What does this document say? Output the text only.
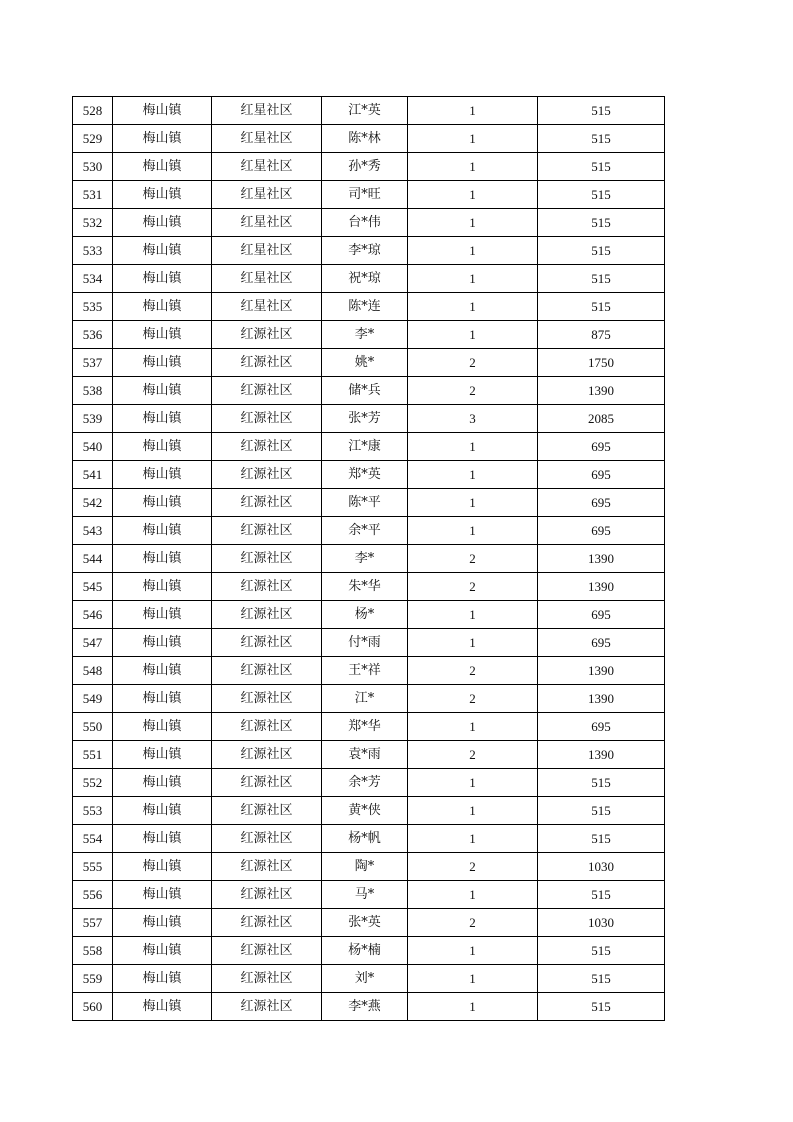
528	梅山镇	红星社区	江*英	1	515
529	梅山镇	红星社区	陈*林	1	515
530	梅山镇	红星社区	孙*秀	1	515
531	梅山镇	红星社区	司*旺	1	515
532	梅山镇	红星社区	台*伟	1	515
533	梅山镇	红星社区	李*琼	1	515
534	梅山镇	红星社区	祝*琼	1	515
535	梅山镇	红星社区	陈*连	1	515
536	梅山镇	红源社区	李*	1	875
537	梅山镇	红源社区	姚*	2	1750
538	梅山镇	红源社区	储*兵	2	1390
539	梅山镇	红源社区	张*芳	3	2085
540	梅山镇	红源社区	江*康	1	695
541	梅山镇	红源社区	郑*英	1	695
542	梅山镇	红源社区	陈*平	1	695
543	梅山镇	红源社区	余*平	1	695
544	梅山镇	红源社区	李*	2	1390
545	梅山镇	红源社区	朱*华	2	1390
546	梅山镇	红源社区	杨*	1	695
547	梅山镇	红源社区	付*雨	1	695
548	梅山镇	红源社区	王*祥	2	1390
549	梅山镇	红源社区	江*	2	1390
550	梅山镇	红源社区	郑*华	1	695
551	梅山镇	红源社区	袁*雨	2	1390
552	梅山镇	红源社区	余*芳	1	515
553	梅山镇	红源社区	黄*侠	1	515
554	梅山镇	红源社区	杨*帆	1	515
555	梅山镇	红源社区	陶*	2	1030
556	梅山镇	红源社区	马*	1	515
557	梅山镇	红源社区	张*英	2	1030
558	梅山镇	红源社区	杨*楠	1	515
559	梅山镇	红源社区	刘*	1	515
560	梅山镇	红源社区	李*燕	1	515
